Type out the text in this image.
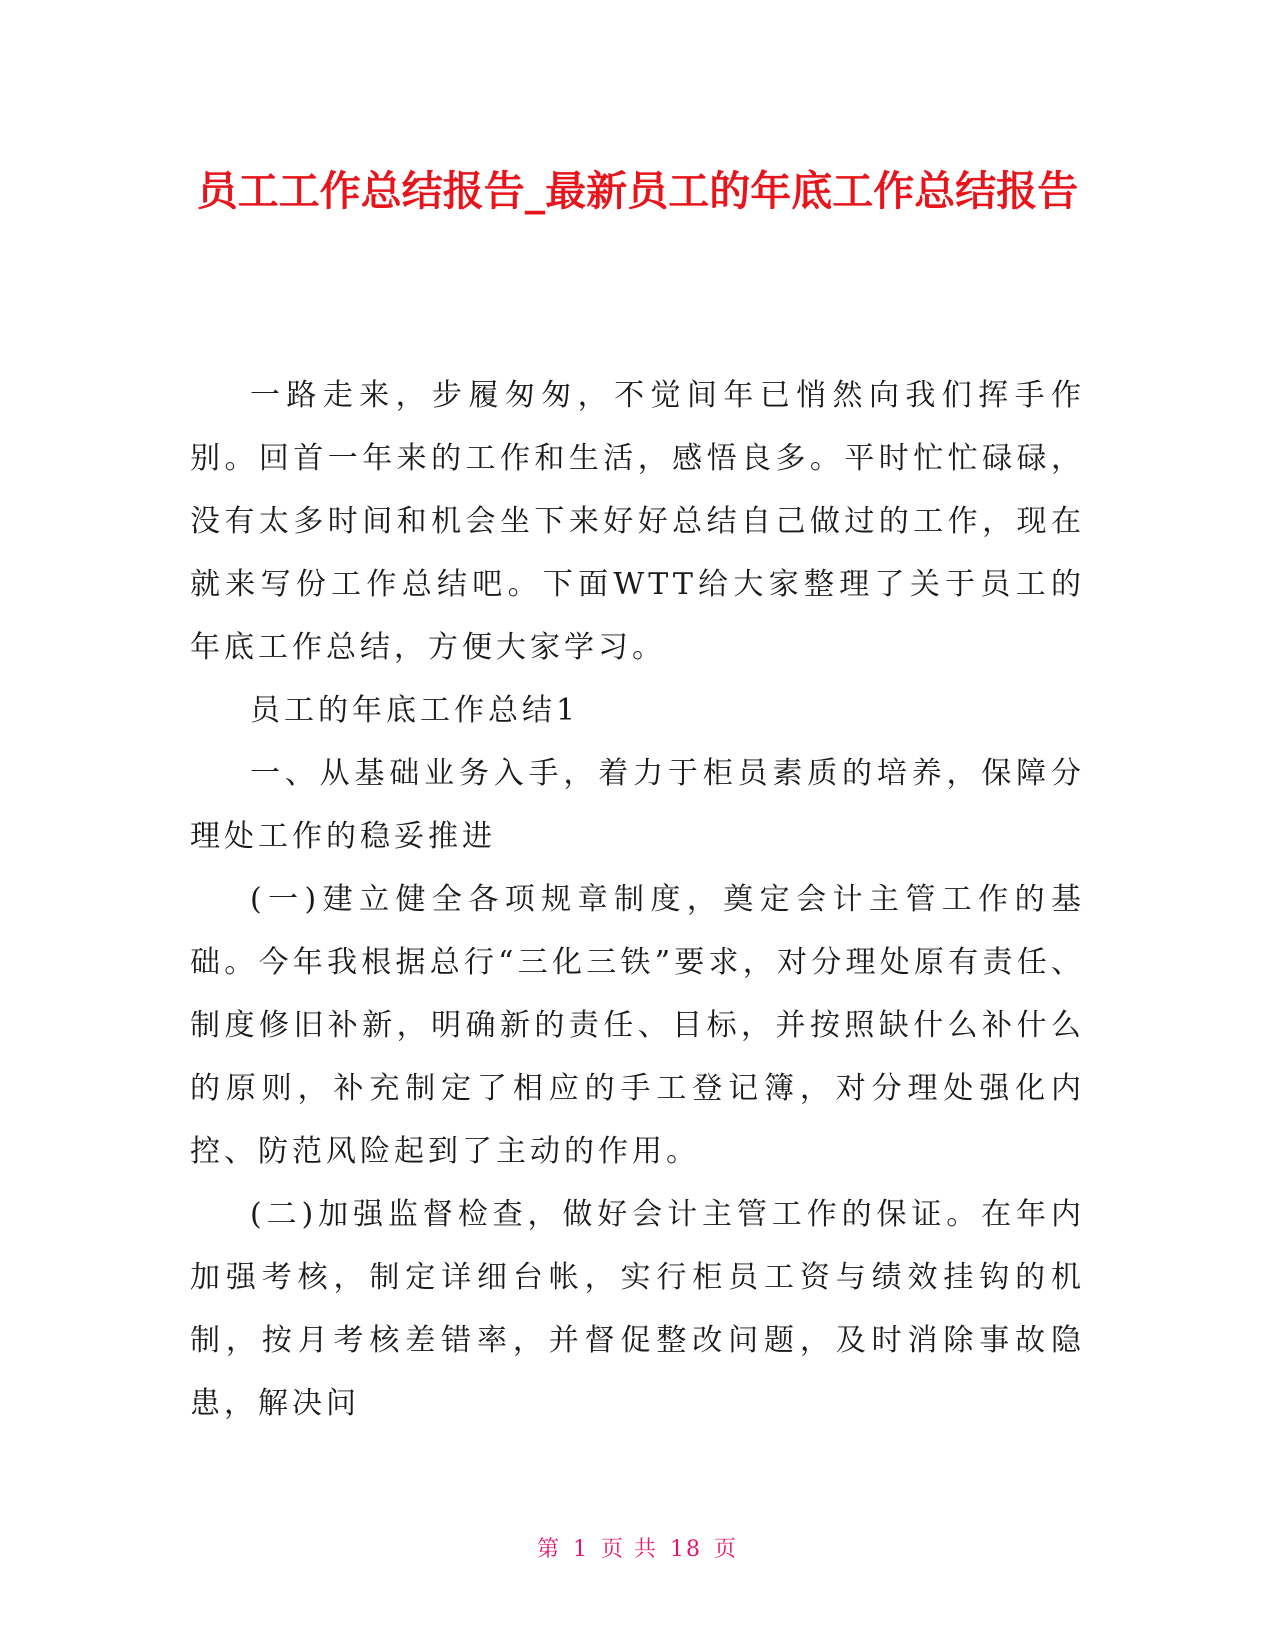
员工工作总结报告_最新员工的年底工作总结报告

一路走来，步履匆匆，不觉间年已悄然向我们挥手作别。回首一年来的工作和生活，感悟良多。平时忙忙碌碌，没有太多时间和机会坐下来好好总结自己做过的工作，现在就来写份工作总结吧。下面WTT给大家整理了关于员工的年底工作总结，方便大家学习。

员工的年底工作总结1

一、从基础业务入手，着力于柜员素质的培养，保障分理处工作的稳妥推进

(一)建立健全各项规章制度，奠定会计主管工作的基础。今年我根据总行“三化三铁”要求，对分理处原有责任、制度修旧补新，明确新的责任、目标，并按照缺什么补什么的原则，补充制定了相应的手工登记簿，对分理处强化内控、防范风险起到了主动的作用。

(二)加强监督检查，做好会计主管工作的保证。在年内加强考核，制定详细台帐，实行柜员工资与绩效挂钩的机制，按月考核差错率，并督促整改问题，及时消除事故隐患，解决问

第 1 页 共 18 页
